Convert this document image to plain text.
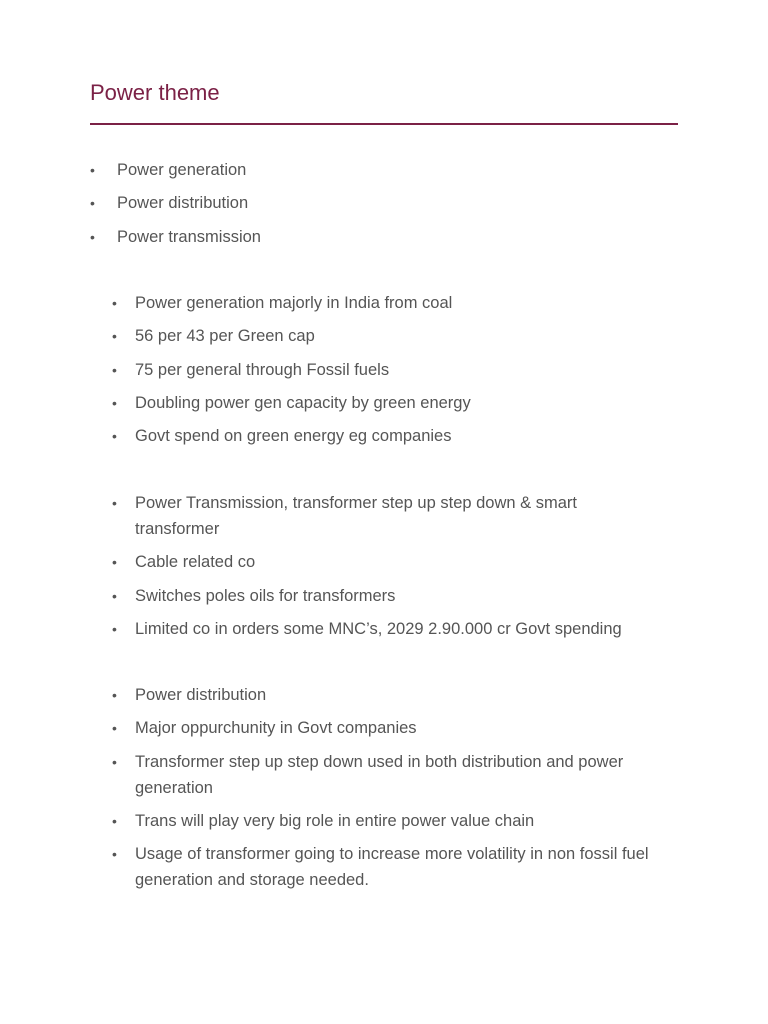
Power theme
•	Power generation
•	Power distribution
•	Power transmission
•	Power generation majorly in India from coal
•	56 per 43 per Green cap
•	75 per general through Fossil fuels
•	Doubling power gen capacity by green energy
•	Govt spend on green energy eg companies
•	Power Transmission, transformer step up step down & smart transformer
•	Cable related co
•	Switches poles oils for transformers
•	Limited co in orders some MNC’s, 2029 2.90.000 cr Govt spending
•	Power distribution
•	Major oppurchunity in Govt companies
•	Transformer step up step down used in both distribution and power generation
•	Trans will play very big role in entire power value chain
•	Usage of transformer going to increase more volatility in non fossil fuel generation and storage needed.
